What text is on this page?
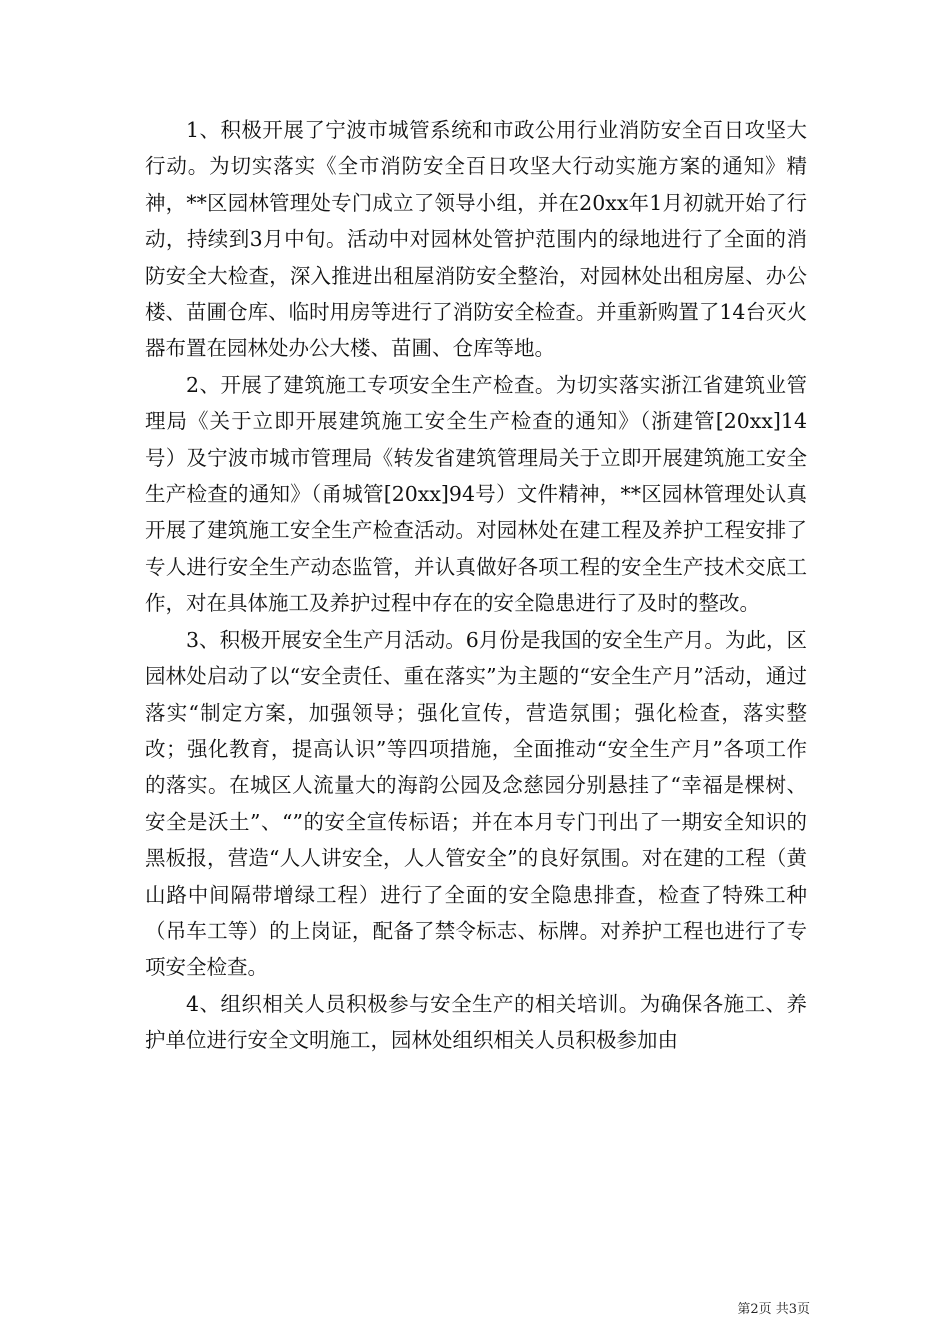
1、积极开展了宁波市城管系统和市政公用行业消防安全百日攻坚大行动。为切实落实《全市消防安全百日攻坚大行动实施方案的通知》精神，**区园林管理处专门成立了领导小组，并在20xx年1月初就开始了行动，持续到3月中旬。活动中对园林处管护范围内的绿地进行了全面的消防安全大检查，深入推进出租屋消防安全整治，对园林处出租房屋、办公楼、苗圃仓库、临时用房等进行了消防安全检查。并重新购置了14台灭火器布置在园林处办公大楼、苗圃、仓库等地。

2、开展了建筑施工专项安全生产检查。为切实落实浙江省建筑业管理局《关于立即开展建筑施工安全生产检查的通知》（浙建管[20xx]14号）及宁波市城市管理局《转发省建筑管理局关于立即开展建筑施工安全生产检查的通知》（甬城管[20xx]94号）文件精神，**区园林管理处认真开展了建筑施工安全生产检查活动。对园林处在建工程及养护工程安排了专人进行安全生产动态监管，并认真做好各项工程的安全生产技术交底工作，对在具体施工及养护过程中存在的安全隐患进行了及时的整改。

3、积极开展安全生产月活动。6月份是我国的安全生产月。为此，区园林处启动了以“安全责任、重在落实”为主题的“安全生产月”活动，通过落实“制定方案，加强领导；强化宣传，营造氛围；强化检查，落实整改；强化教育，提高认识”等四项措施，全面推动“安全生产月”各项工作的落实。在城区人流量大的海韵公园及念慈园分别悬挂了“幸福是棵树、安全是沃土”、“”的安全宣传标语；并在本月专门刊出了一期安全知识的黑板报，营造“人人讲安全，人人管安全”的良好氛围。对在建的工程（黄山路中间隔带增绿工程）进行了全面的安全隐患排查，检查了特殊工种（吊车工等）的上岗证，配备了禁令标志、标牌。对养护工程也进行了专项安全检查。

4、组织相关人员积极参与安全生产的相关培训。为确保各施工、养护单位进行安全文明施工，园林处组织相关人员积极参加由

第2页 共3页
